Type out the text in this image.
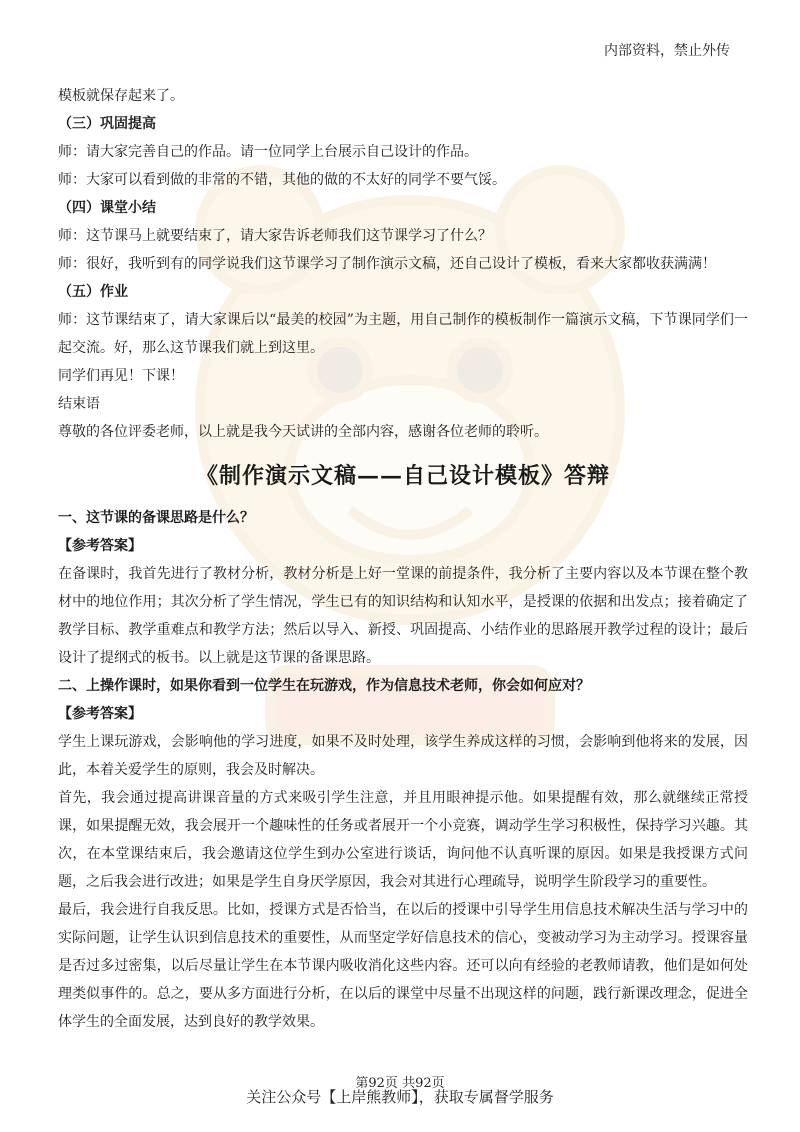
内部资料，禁止外传

模板就保存起来了。

（三）巩固提高

师：请大家完善自己的作品。请一位同学上台展示自己设计的作品。

师：大家可以看到做的非常的不错，其他的做的不太好的同学不要气馁。

（四）课堂小结

师：这节课马上就要结束了，请大家告诉老师我们这节课学习了什么？

师：很好，我听到有的同学说我们这节课学习了制作演示文稿，还自己设计了模板，看来大家都收获满满！

（五）作业

师：这节课结束了，请大家课后以“最美的校园”为主题，用自己制作的模板制作一篇演示文稿，下节课同学们一起交流。好，那么这节课我们就上到这里。

同学们再见！下课！

结束语

尊敬的各位评委老师，以上就是我今天试讲的全部内容，感谢各位老师的聆听。

《制作演示文稿——自己设计模板》答辩

一、这节课的备课思路是什么？

【参考答案】

在备课时，我首先进行了教材分析，教材分析是上好一堂课的前提条件，我分析了主要内容以及本节课在整个教材中的地位作用；其次分析了学生情况，学生已有的知识结构和认知水平，是授课的依据和出发点；接着确定了教学目标、教学重难点和教学方法；然后以导入、新授、巩固提高、小结作业的思路展开教学过程的设计；最后设计了提纲式的板书。以上就是这节课的备课思路。

二、上操作课时，如果你看到一位学生在玩游戏，作为信息技术老师，你会如何应对？

【参考答案】

学生上课玩游戏，会影响他的学习进度，如果不及时处理，该学生养成这样的习惯，会影响到他将来的发展，因此，本着关爱学生的原则，我会及时解决。

首先，我会通过提高讲课音量的方式来吸引学生注意，并且用眼神提示他。如果提醒有效，那么就继续正常授课，如果提醒无效，我会展开一个趣味性的任务或者展开一个小竞赛，调动学生学习积极性，保持学习兴趣。其次，在本堂课结束后，我会邀请这位学生到办公室进行谈话，询问他不认真听课的原因。如果是我授课方式问题，之后我会进行改进；如果是学生自身厌学原因，我会对其进行心理疏导，说明学生阶段学习的重要性。

最后，我会进行自我反思。比如，授课方式是否恰当，在以后的授课中引导学生用信息技术解决生活与学习中的实际问题，让学生认识到信息技术的重要性，从而坚定学好信息技术的信心，变被动学习为主动学习。授课容量是否过多过密集，以后尽量让学生在本节课内吸收消化这些内容。还可以向有经验的老教师请教，他们是如何处理类似事件的。总之，要从多方面进行分析，在以后的课堂中尽量不出现这样的问题，践行新课改理念，促进全体学生的全面发展，达到良好的教学效果。

第92页 共92页
关注公众号【上岸熊教师】，获取专属督学服务
